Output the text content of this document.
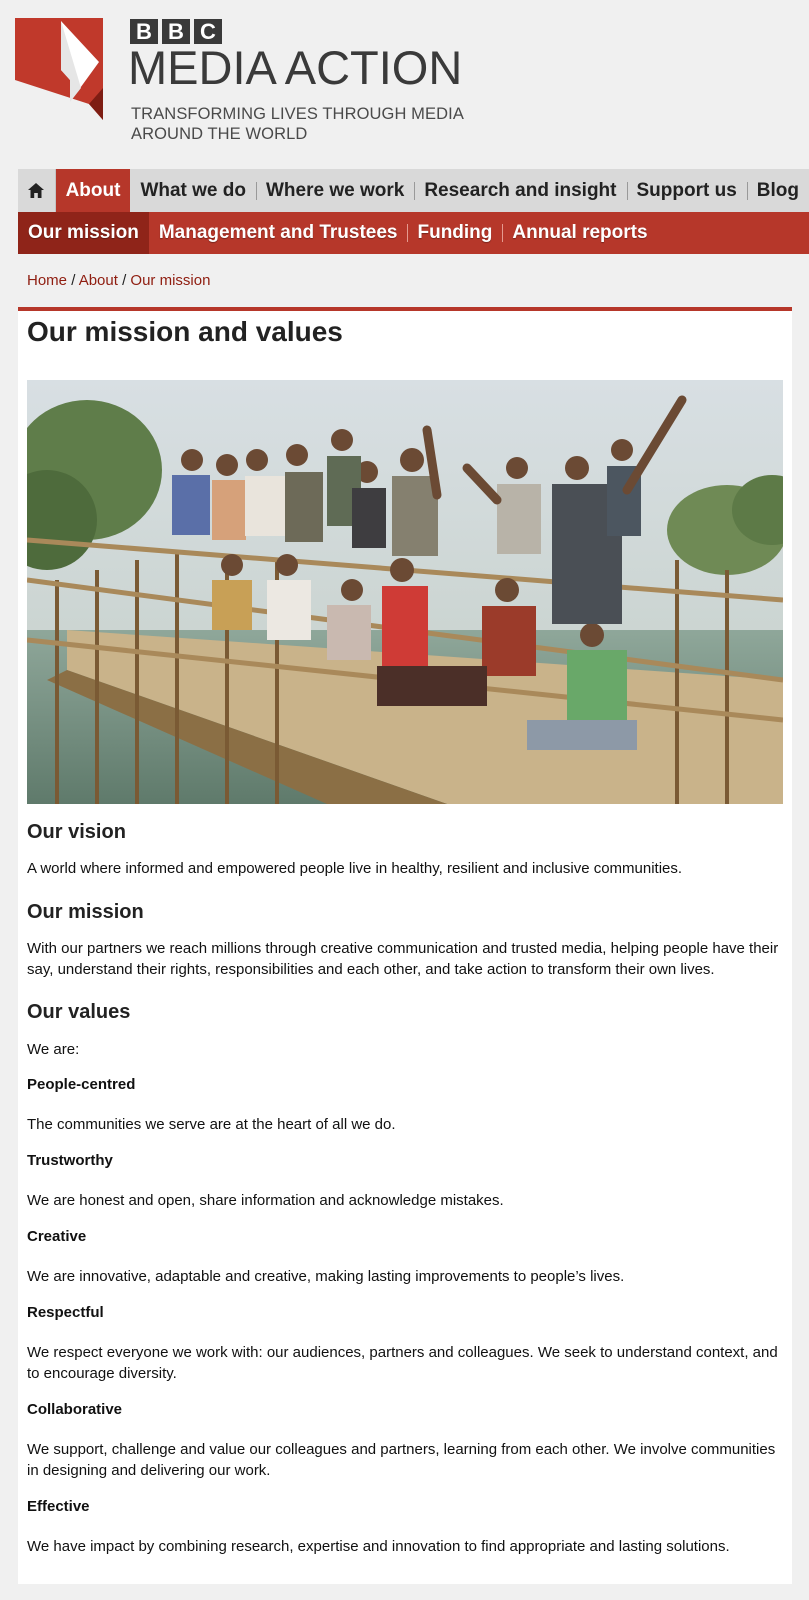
B B C
MEDIA ACTION
TRANSFORMING LIVES THROUGH MEDIA AROUND THE WORLD
About	What we do	Where we work	Research and insight	Support us	Blog
Our mission	Management and Trustees	Funding	Annual reports
Home / About / Our mission
Our mission and values
Our vision

A world where informed and empowered people live in healthy, resilient and inclusive communities.

Our mission

With our partners we reach millions through creative communication and trusted media, helping people have their say, understand their rights, responsibilities and each other, and take action to transform their own lives.

Our values

We are:

People-centred

The communities we serve are at the heart of all we do.

Trustworthy

We are honest and open, share information and acknowledge mistakes.

Creative

We are innovative, adaptable and creative, making lasting improvements to people’s lives.

Respectful

We respect everyone we work with: our audiences, partners and colleagues. We seek to understand context, and to encourage diversity.

Collaborative

We support, challenge and value our colleagues and partners, learning from each other. We involve communities in designing and delivering our work.

Effective

We have impact by combining research, expertise and innovation to find appropriate and lasting solutions.
